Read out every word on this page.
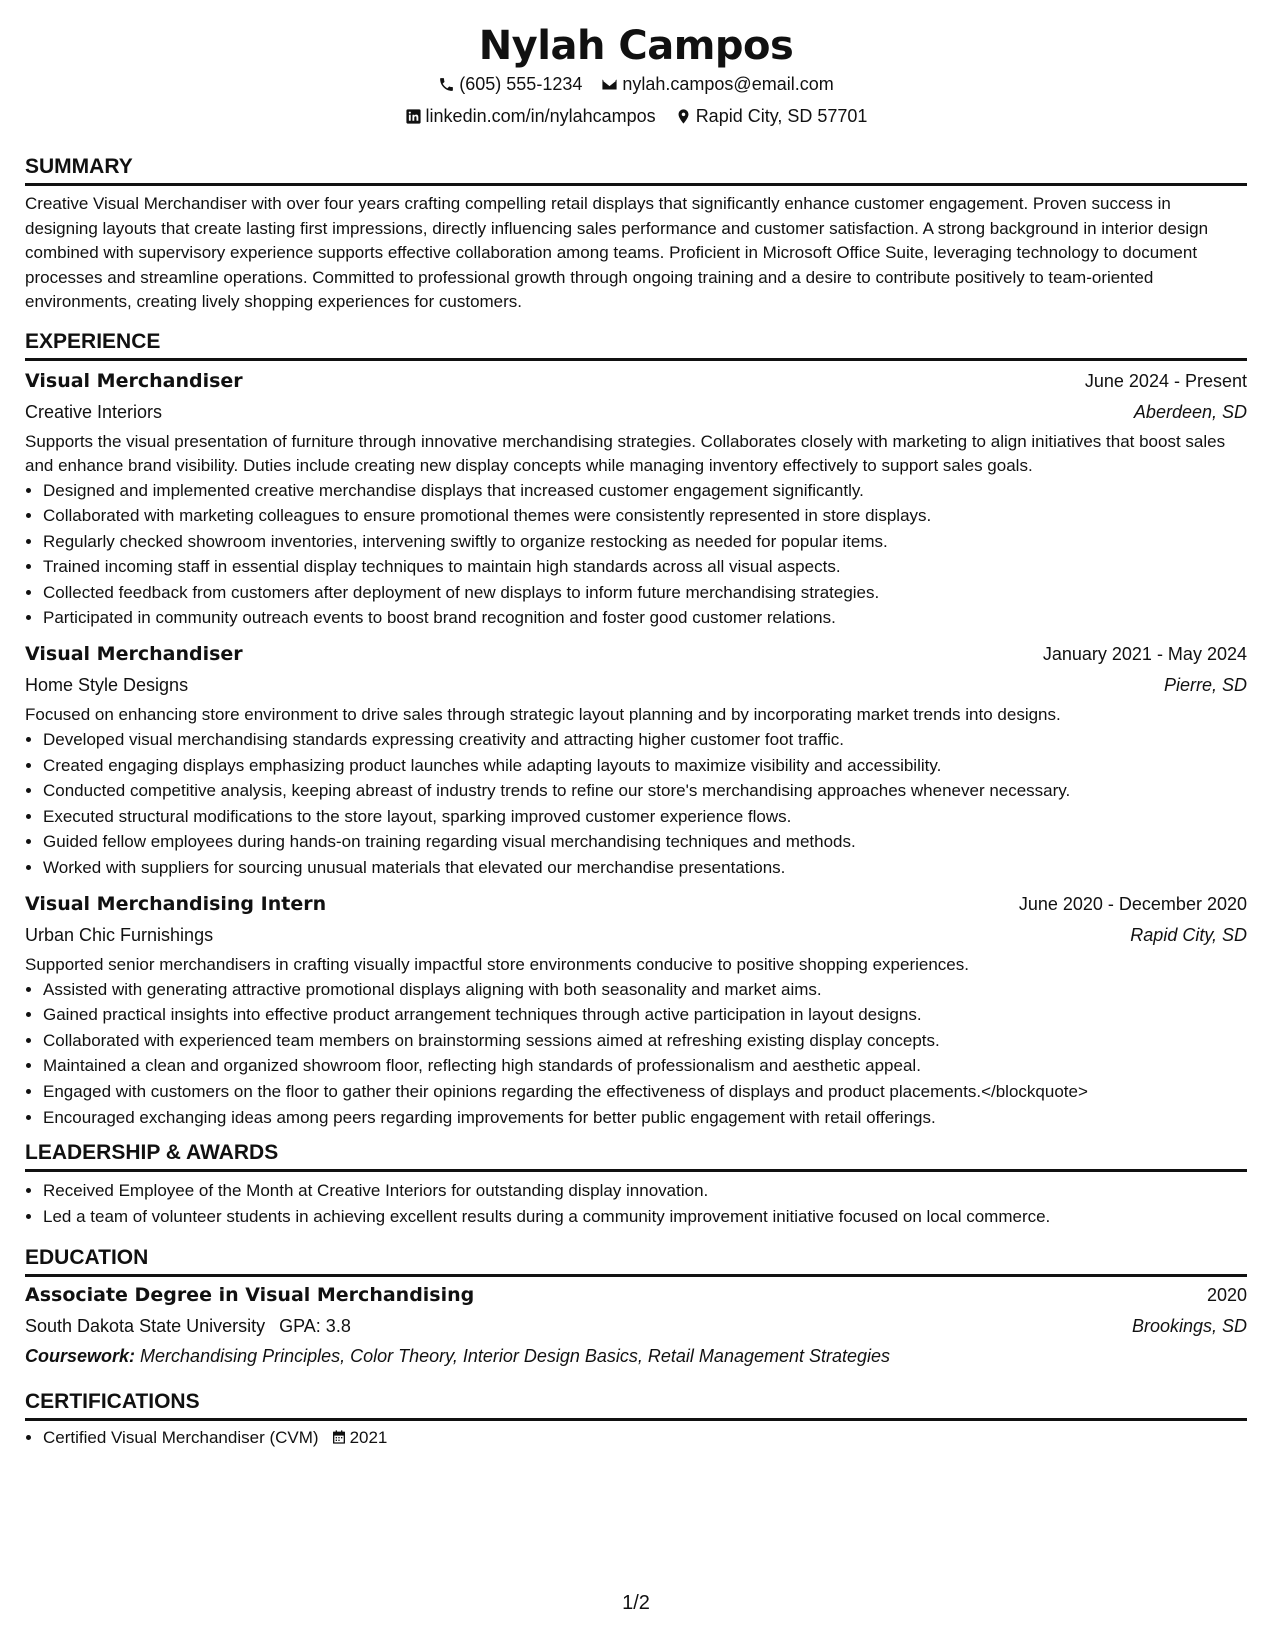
Nylah Campos
(605) 555-1234
nylah.campos@email.com
linkedin.com/in/nylahcampos
Rapid City, SD 57701
SUMMARY

Creative Visual Merchandiser with over four years crafting compelling retail displays that significantly enhance customer engagement. Proven success in designing layouts that create lasting first impressions, directly influencing sales performance and customer satisfaction. A strong background in interior design combined with supervisory experience supports effective collaboration among teams. Proficient in Microsoft Office Suite, leveraging technology to document processes and streamline operations. Committed to professional growth through ongoing training and a desire to contribute positively to team-oriented environments, creating lively shopping experiences for customers.

EXPERIENCE
Visual Merchandiser	June 2024 - Present
Creative Interiors	Aberdeen, SD

Supports the visual presentation of furniture through innovative merchandising strategies. Collaborates closely with marketing to align initiatives that boost sales and enhance brand visibility. Duties include creating new display concepts while managing inventory effectively to support sales goals.

• Designed and implemented creative merchandise displays that increased customer engagement significantly.
• Collaborated with marketing colleagues to ensure promotional themes were consistently represented in store displays.
• Regularly checked showroom inventories, intervening swiftly to organize restocking as needed for popular items.
• Trained incoming staff in essential display techniques to maintain high standards across all visual aspects.
• Collected feedback from customers after deployment of new displays to inform future merchandising strategies.
• Participated in community outreach events to boost brand recognition and foster good customer relations.
Visual Merchandiser	January 2021 - May 2024
Home Style Designs	Pierre, SD

Focused on enhancing store environment to drive sales through strategic layout planning and by incorporating market trends into designs.

• Developed visual merchandising standards expressing creativity and attracting higher customer foot traffic.
• Created engaging displays emphasizing product launches while adapting layouts to maximize visibility and accessibility.
• Conducted competitive analysis, keeping abreast of industry trends to refine our store's merchandising approaches whenever necessary.
• Executed structural modifications to the store layout, sparking improved customer experience flows.
• Guided fellow employees during hands-on training regarding visual merchandising techniques and methods.
• Worked with suppliers for sourcing unusual materials that elevated our merchandise presentations.
Visual Merchandising Intern	June 2020 - December 2020
Urban Chic Furnishings	Rapid City, SD

Supported senior merchandisers in crafting visually impactful store environments conducive to positive shopping experiences.

• Assisted with generating attractive promotional displays aligning with both seasonality and market aims.
• Gained practical insights into effective product arrangement techniques through active participation in layout designs.
• Collaborated with experienced team members on brainstorming sessions aimed at refreshing existing display concepts.
• Maintained a clean and organized showroom floor, reflecting high standards of professionalism and aesthetic appeal.
• Engaged with customers on the floor to gather their opinions regarding the effectiveness of displays and product placements.</blockquote>
• Encouraged exchanging ideas among peers regarding improvements for better public engagement with retail offerings.
LEADERSHIP & AWARDS
• Received Employee of the Month at Creative Interiors for outstanding display innovation.
• Led a team of volunteer students in achieving excellent results during a community improvement initiative focused on local commerce.
EDUCATION
Associate Degree in Visual Merchandising	2020
South Dakota State University GPA: 3.8	Brookings, SD
Coursework: Merchandising Principles, Color Theory, Interior Design Basics, Retail Management Strategies
CERTIFICATIONS
• Certified Visual Merchandiser (CVM) 2021
1/2
